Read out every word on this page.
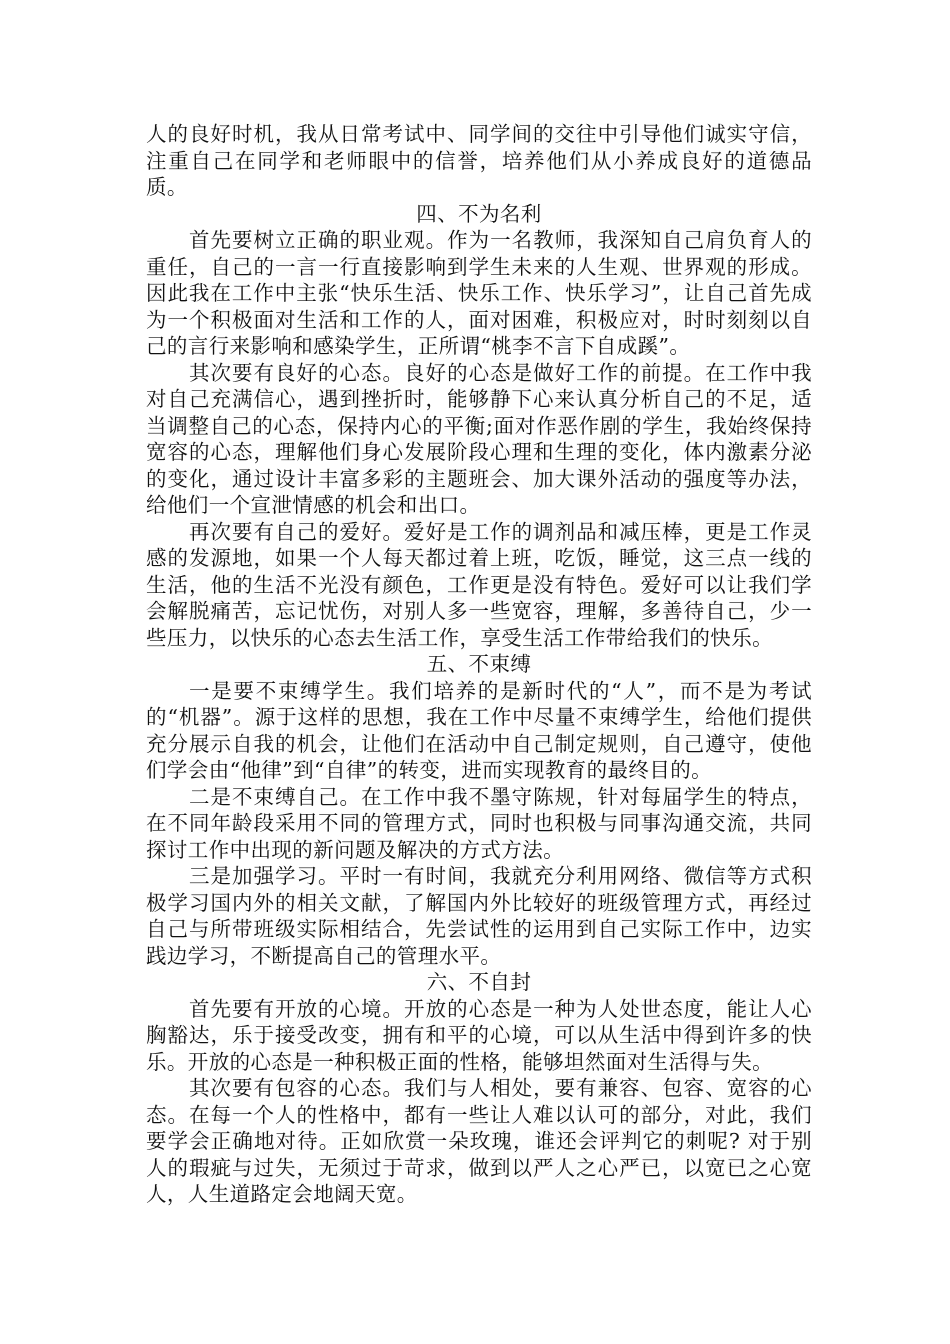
人的良好时机，我从日常考试中、同学间的交往中引导他们诚实守信，注重自己在同学和老师眼中的信誉，培养他们从小养成良好的道德品质。

四、不为名利

首先要树立正确的职业观。作为一名教师，我深知自己肩负育人的重任，自己的一言一行直接影响到学生未来的人生观、世界观的形成。因此我在工作中主张“快乐生活、快乐工作、快乐学习”，让自己首先成为一个积极面对生活和工作的人，面对困难，积极应对，时时刻刻以自己的言行来影响和感染学生，正所谓“桃李不言下自成蹊”。

其次要有良好的心态。良好的心态是做好工作的前提。在工作中我对自己充满信心，遇到挫折时，能够静下心来认真分析自己的不足，适当调整自己的心态，保持内心的平衡;面对作恶作剧的学生，我始终保持宽容的心态，理解他们身心发展阶段心理和生理的变化，体内激素分泌的变化，通过设计丰富多彩的主题班会、加大课外活动的强度等办法，给他们一个宣泄情感的机会和出口。

再次要有自己的爱好。爱好是工作的调剂品和减压棒，更是工作灵感的发源地，如果一个人每天都过着上班，吃饭，睡觉，这三点一线的生活，他的生活不光没有颜色，工作更是没有特色。爱好可以让我们学会解脱痛苦，忘记忧伤，对别人多一些宽容，理解，多善待自己，少一些压力，以快乐的心态去生活工作，享受生活工作带给我们的快乐。

五、不束缚

一是要不束缚学生。我们培养的是新时代的“人”，而不是为考试的“机器”。源于这样的思想，我在工作中尽量不束缚学生，给他们提供充分展示自我的机会，让他们在活动中自己制定规则，自己遵守，使他们学会由“他律”到“自律”的转变，进而实现教育的最终目的。

二是不束缚自己。在工作中我不墨守陈规，针对每届学生的特点，在不同年龄段采用不同的管理方式，同时也积极与同事沟通交流，共同探讨工作中出现的新问题及解决的方式方法。

三是加强学习。平时一有时间，我就充分利用网络、微信等方式积极学习国内外的相关文献，了解国内外比较好的班级管理方式，再经过自己与所带班级实际相结合，先尝试性的运用到自己实际工作中，边实践边学习，不断提高自己的管理水平。

六、不自封

首先要有开放的心境。开放的心态是一种为人处世态度，能让人心胸豁达，乐于接受改变，拥有和平的心境，可以从生活中得到许多的快乐。开放的心态是一种积极正面的性格，能够坦然面对生活得与失。

其次要有包容的心态。我们与人相处，要有兼容、包容、宽容的心态。在每一个人的性格中，都有一些让人难以认可的部分，对此，我们要学会正确地对待。正如欣赏一朵玫瑰，谁还会评判它的刺呢? 对于别人的瑕疵与过失，无须过于苛求，做到以严人之心严已，以宽已之心宽人，人生道路定会地阔天宽。
